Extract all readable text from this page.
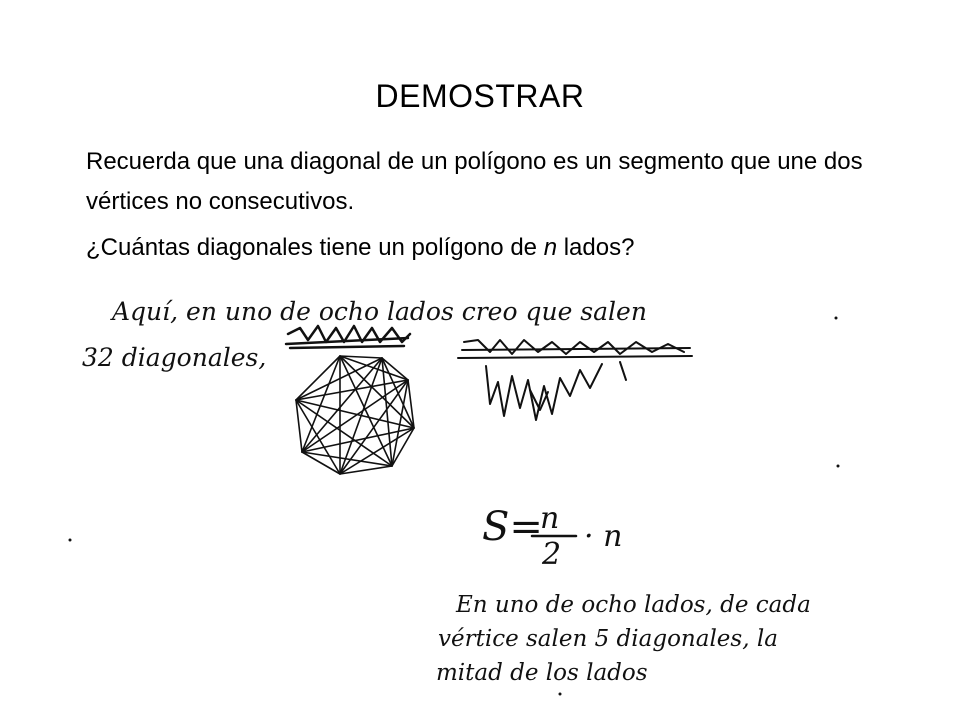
DEMOSTRAR

Recuerda que una diagonal de un polígono es un segmento que une dos vértices no consecutivos.

¿Cuántas diagonales tiene un polígono de n lados?

Aquí, en uno de ocho lados creo que salen
32 diagonales,
S=
n
2
· n
En uno de ocho lados, de cada
vértice salen 5 diagonales, la
mitad de los lados
